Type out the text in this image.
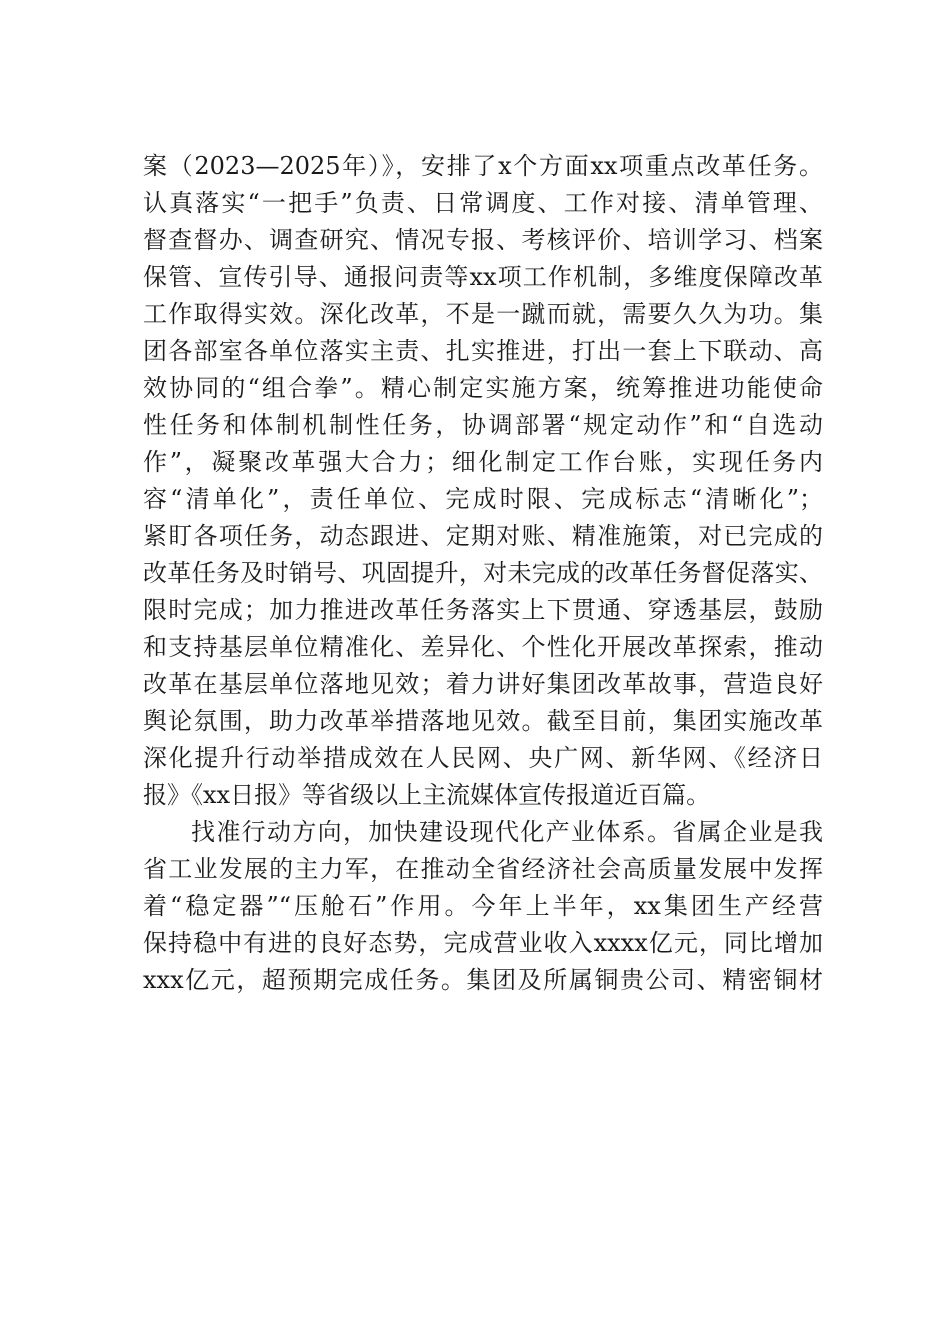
案（2023—2025年）》，安排了x个方面xx项重点改革任务。
认真落实“一把手”负责、日常调度、工作对接、清单管理、
督查督办、调查研究、情况专报、考核评价、培训学习、档案
保管、宣传引导、通报问责等xx项工作机制，多维度保障改革
工作取得实效。深化改革，不是一蹴而就，需要久久为功。集
团各部室各单位落实主责、扎实推进，打出一套上下联动、高
效协同的“组合拳”。精心制定实施方案，统筹推进功能使命
性任务和体制机制性任务，协调部署“规定动作”和“自选动
作”，凝聚改革强大合力；细化制定工作台账，实现任务内
容“清单化”，责任单位、完成时限、完成标志“清晰化”；
紧盯各项任务，动态跟进、定期对账、精准施策，对已完成的
改革任务及时销号、巩固提升，对未完成的改革任务督促落实、
限时完成；加力推进改革任务落实上下贯通、穿透基层，鼓励
和支持基层单位精准化、差异化、个性化开展改革探索，推动
改革在基层单位落地见效；着力讲好集团改革故事，营造良好
舆论氛围，助力改革举措落地见效。截至目前，集团实施改革
深化提升行动举措成效在人民网、央广网、新华网、《经济日
报》《xx日报》等省级以上主流媒体宣传报道近百篇。
找准行动方向，加快建设现代化产业体系。省属企业是我
省工业发展的主力军，在推动全省经济社会高质量发展中发挥
着“稳定器”“压舱石”作用。今年上半年，xx集团生产经营
保持稳中有进的良好态势，完成营业收入xxxx亿元，同比增加
xxx亿元，超预期完成任务。集团及所属铜贵公司、精密铜材
